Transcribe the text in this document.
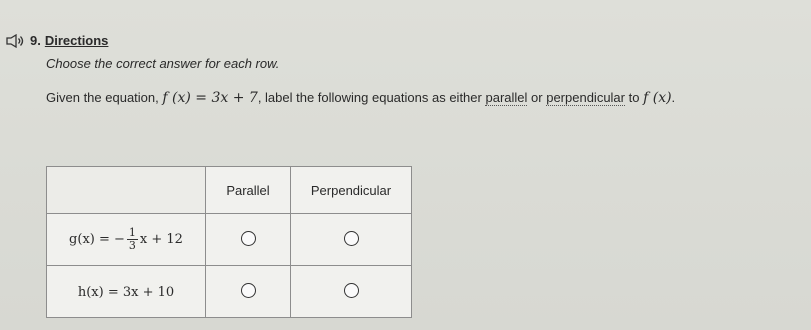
9. Directions
Choose the correct answer for each row.
Given the equation, f (x) = 3x + 7, label the following equations as either parallel or perpendicular to f (x).
	Parallel	Perpendicular
g(x) = − $\frac{1}{3}$ x + 12		
h(x) = 3x + 10		
